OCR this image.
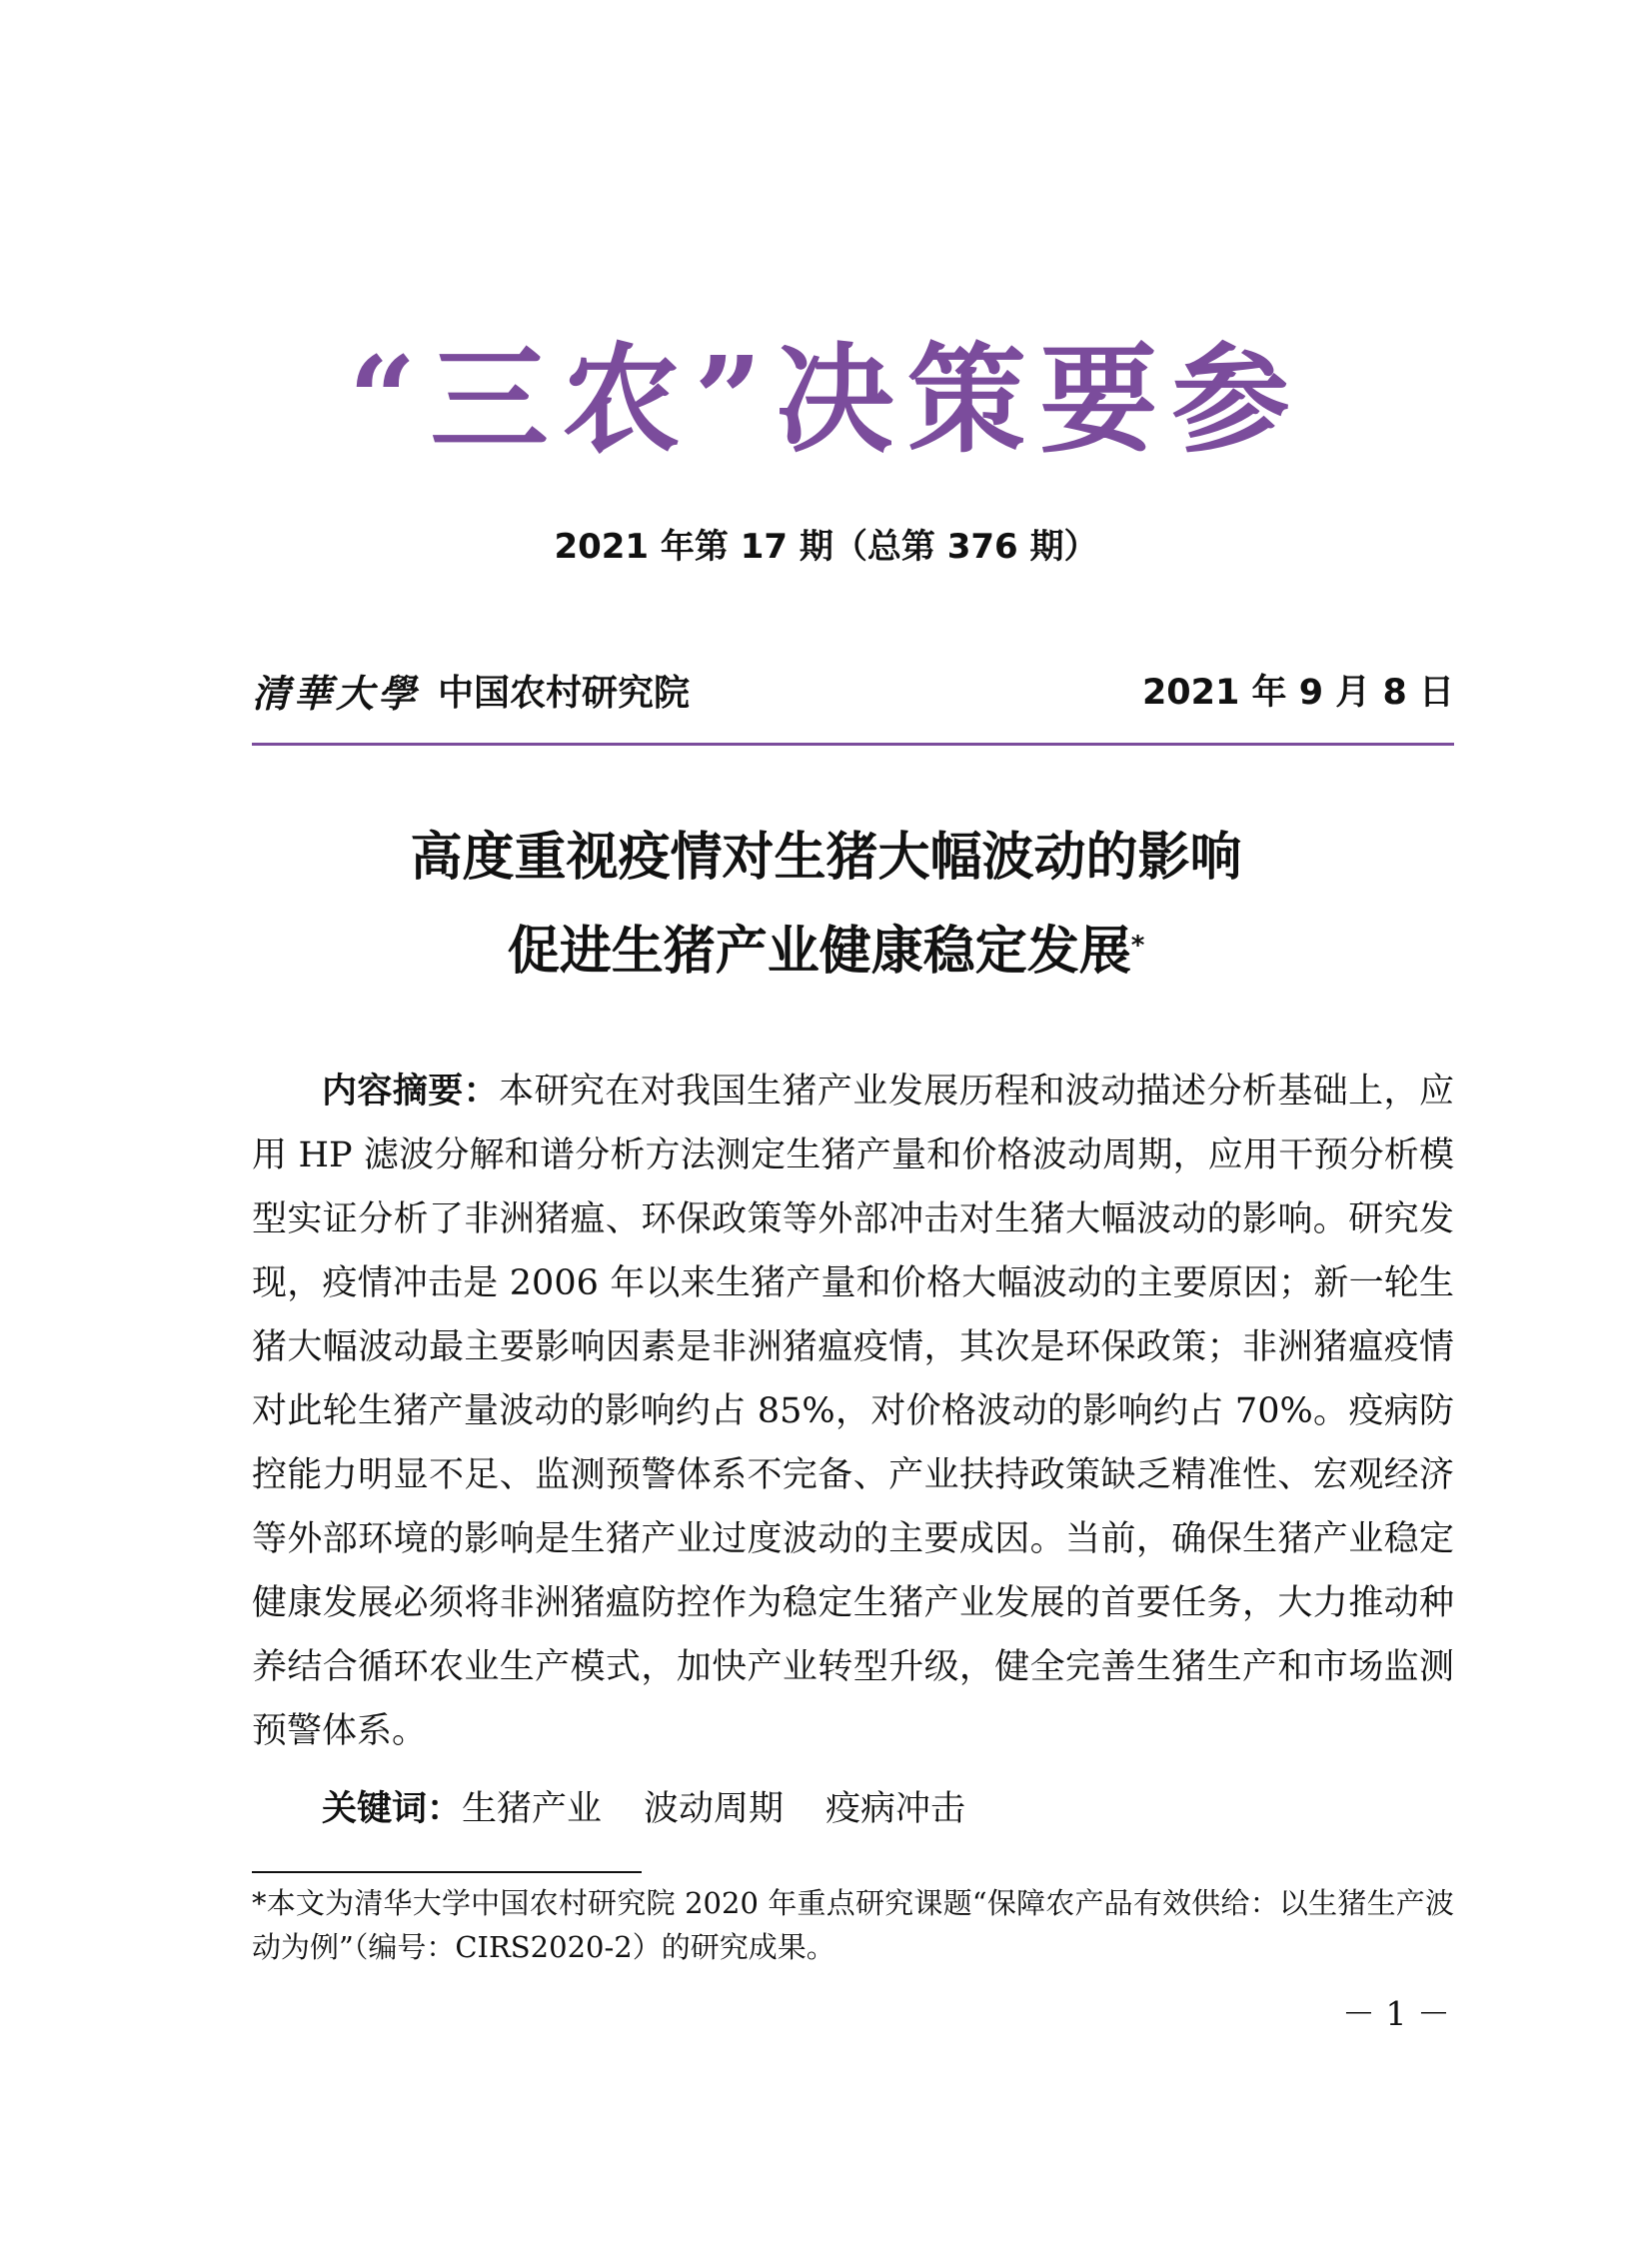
“三农”决策要参
2021 年第 17 期（总第 376 期）
清華大學 中国农村研究院	2021 年 9 月 8 日
高度重视疫情对生猪大幅波动的影响
促进生猪产业健康稳定发展*

内容摘要：本研究在对我国生猪产业发展历程和波动描述分析基础上，应用 HP 滤波分解和谱分析方法测定生猪产量和价格波动周期，应用干预分析模型实证分析了非洲猪瘟、环保政策等外部冲击对生猪大幅波动的影响。研究发现，疫情冲击是 2006 年以来生猪产量和价格大幅波动的主要原因；新一轮生猪大幅波动最主要影响因素是非洲猪瘟疫情，其次是环保政策；非洲猪瘟疫情对此轮生猪产量波动的影响约占 85%，对价格波动的影响约占 70%。疫病防控能力明显不足、监测预警体系不完备、产业扶持政策缺乏精准性、宏观经济等外部环境的影响是生猪产业过度波动的主要成因。当前，确保生猪产业稳定健康发展必须将非洲猪瘟防控作为稳定生猪产业发展的首要任务，大力推动种养结合循环农业生产模式，加快产业转型升级，健全完善生猪生产和市场监测预警体系。

关键词：生猪产业 波动周期 疫病冲击

*本文为清华大学中国农村研究院 2020 年重点研究课题“保障农产品有效供给：以生猪生产波动为例”（编号：CIRS2020-2）的研究成果。

－ 1 －
